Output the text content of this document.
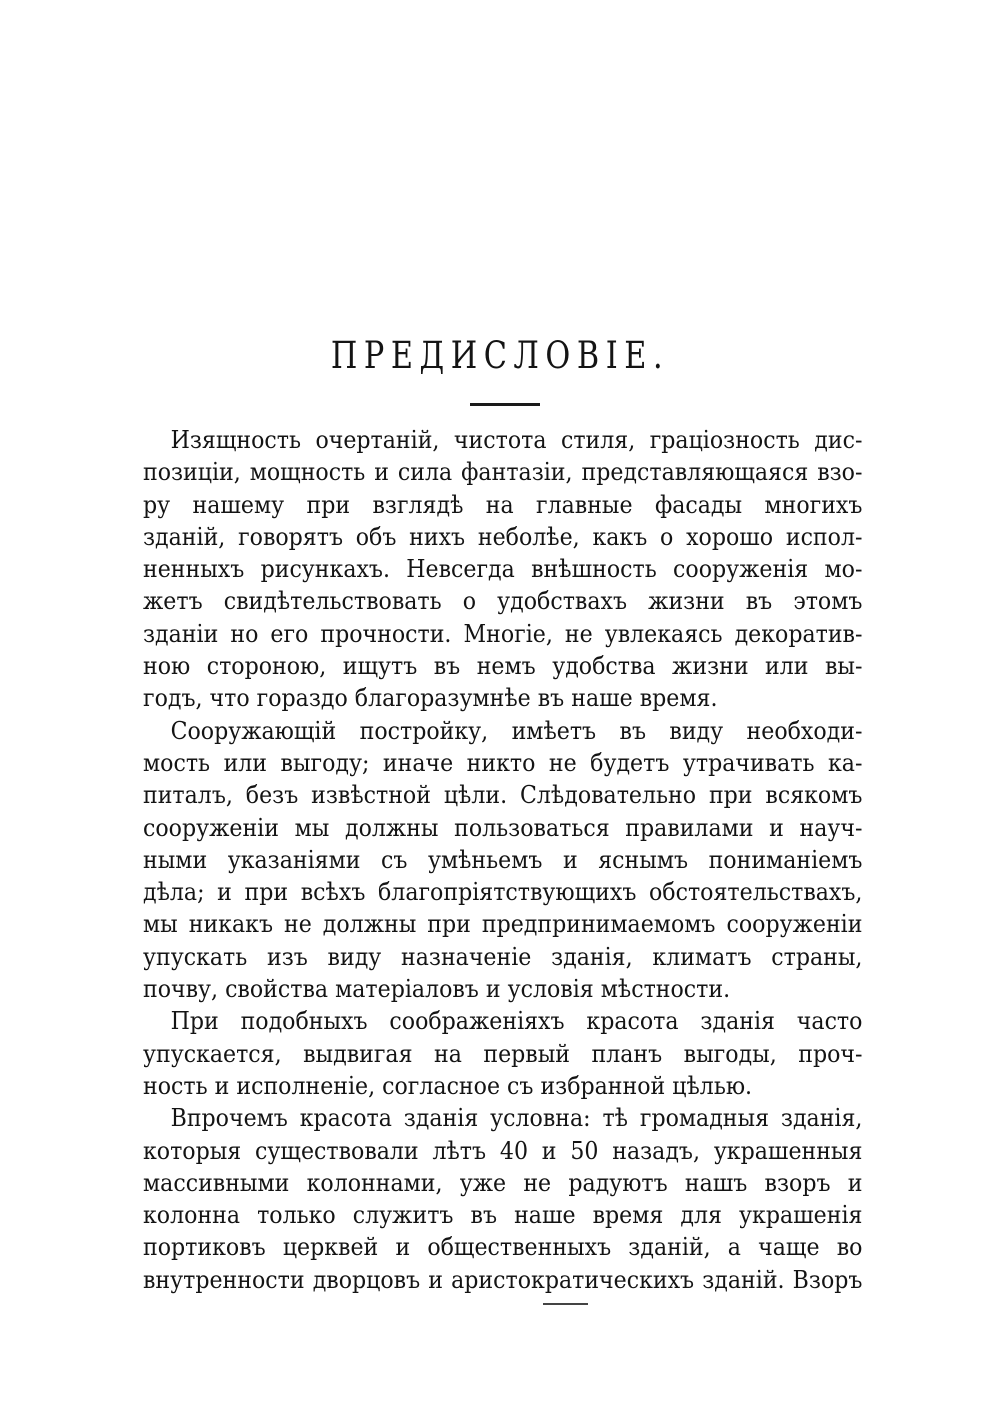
ПРЕДИСЛОВІЕ.
Изящность очертаній, чистота стиля, граціозность дис-
позиціи, мощность и сила фантазіи, представляющаяся взо-
ру нашему при взглядѣ на главные фасады многихъ
зданій, говорятъ объ нихъ неболѣе, какъ о хорошо испол-
ненныхъ рисункахъ. Невсегда внѣшность сооруженія мо-
жетъ свидѣтельствовать о удобствахъ жизни въ этомъ
зданіи но его прочности. Многіе, не увлекаясь декоратив-
ною стороною, ищутъ въ немъ удобства жизни или вы-
годъ, что гораздо благоразумнѣе въ наше время.
Сооружающій постройку, имѣетъ въ виду необходи-
мость или выгоду; иначе никто не будетъ утрачивать ка-
питалъ, безъ извѣстной цѣли. Слѣдовательно при всякомъ
сооруженіи мы должны пользоваться правилами и науч-
ными указаніями съ умѣньемъ и яснымъ пониманіемъ
дѣла; и при всѣхъ благопріятствующихъ обстоятельствахъ,
мы никакъ не должны при предпринимаемомъ сооруженіи
упускать изъ виду назначеніе зданія, климатъ страны,
почву, свойства матеріаловъ и условія мѣстности.
При подобныхъ соображеніяхъ красота зданія часто
упускается, выдвигая на первый планъ выгоды, проч-
ность и исполненіе, согласное съ избранной цѣлью.
Впрочемъ красота зданія условна: тѣ громадныя зданія,
которыя существовали лѣтъ 40 и 50 назадъ, украшенныя
массивными колоннами, уже не радуютъ нашъ взоръ и
колонна только служитъ въ наше время для украшенія
портиковъ церквей и общественныхъ зданій, а чаще во
внутренности дворцовъ и аристократическихъ зданій. Взоръ
